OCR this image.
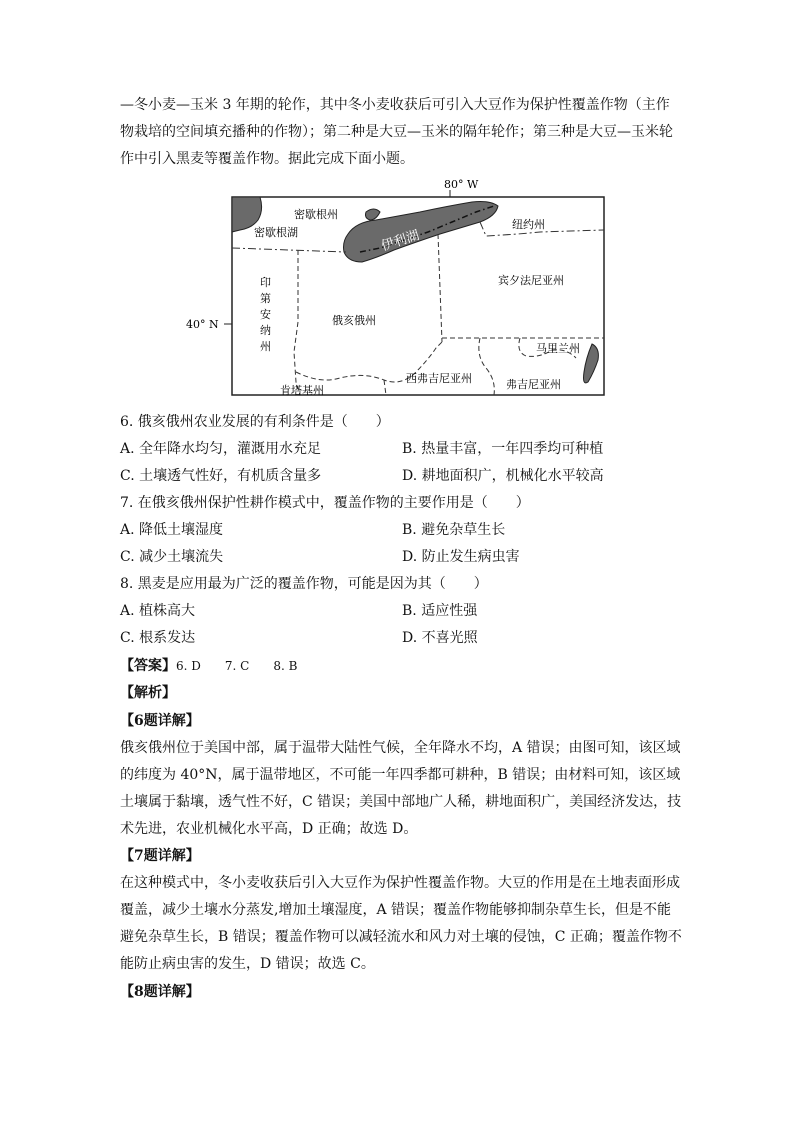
—冬小麦—玉米 3 年期的轮作，其中冬小麦收获后可引入大豆作为保护性覆盖作物（主作物栽培的空间填充播种的作物）；第二种是大豆—玉米的隔年轮作；第三种是大豆—玉米轮作中引入黑麦等覆盖作物。据此完成下面小题。
80° W
40° N
密歇根州
密歇根湖	伊利湖
纽约州
宾夕法尼亚州
俄亥俄州
马里兰州
肯塔基州
西弗吉尼亚州	弗吉尼亚州
印 第 安 纳 州
6. 俄亥俄州农业发展的有利条件是（　　）
A. 全年降水均匀，灌溉用水充足	B. 热量丰富，一年四季均可种植
C. 土壤透气性好，有机质含量多	D. 耕地面积广，机械化水平较高
7. 在俄亥俄州保护性耕作模式中，覆盖作物的主要作用是（　　）
A. 降低土壤湿度	B. 避免杂草生长
C. 减少土壤流失	D. 防止发生病虫害
8. 黑麦是应用最为广泛的覆盖作物，可能是因为其（　　）
A. 植株高大	B. 适应性强
C. 根系发达	D. 不喜光照
【答案】6. D　　7. C　　8. B
【解析】
【6题详解】
俄亥俄州位于美国中部，属于温带大陆性气候，全年降水不均，A 错误；由图可知，该区域
的纬度为 40°N，属于温带地区，不可能一年四季都可耕种，B 错误；由材料可知，该区域
土壤属于黏壤，透气性不好，C 错误；美国中部地广人稀，耕地面积广，美国经济发达，技
术先进，农业机械化水平高，D 正确；故选 D。
【7题详解】
在这种模式中，冬小麦收获后引入大豆作为保护性覆盖作物。大豆的作用是在土地表面形成
覆盖，减少土壤水分蒸发,增加土壤湿度，A 错误；覆盖作物能够抑制杂草生长，但是不能
避免杂草生长，B 错误；覆盖作物可以减轻流水和风力对土壤的侵蚀，C 正确；覆盖作物不
能防止病虫害的发生，D 错误；故选 C。
【8题详解】
